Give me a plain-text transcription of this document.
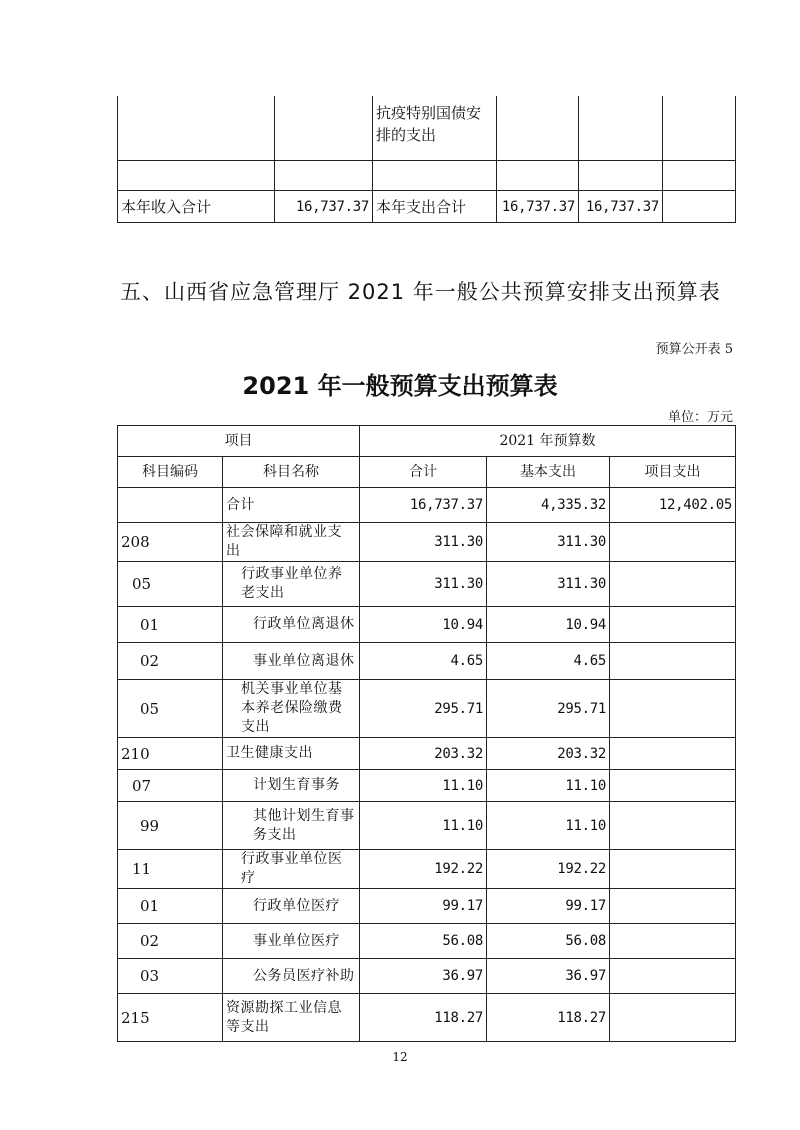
		抗疫特别国债安排的支出			

本年收入合计	16,737.37	本年支出合计	16,737.37	16,737.37	
五、山西省应急管理厅 2021 年一般公共预算安排支出预算表
预算公开表 5
2021 年一般预算支出预算表
单位：万元
项目		2021 年预算数		
科目编码	科目名称	合计	基本支出	项目支出
	合计	16,737.37	4,335.32	12,402.05
208	社会保障和就业支出	311.30	311.30	
05	行政事业单位养老支出	311.30	311.30	
01	行政单位离退休	10.94	10.94	
02	事业单位离退休	4.65	4.65	
05	机关事业单位基本养老保险缴费支出	295.71	295.71	
210	卫生健康支出	203.32	203.32	
07	计划生育事务	11.10	11.10	
99	其他计划生育事务支出	11.10	11.10	
11	行政事业单位医疗	192.22	192.22	
01	行政单位医疗	99.17	99.17	
02	事业单位医疗	56.08	56.08	
03	公务员医疗补助	36.97	36.97	
215	资源勘探工业信息等支出	118.27	118.27	
12
